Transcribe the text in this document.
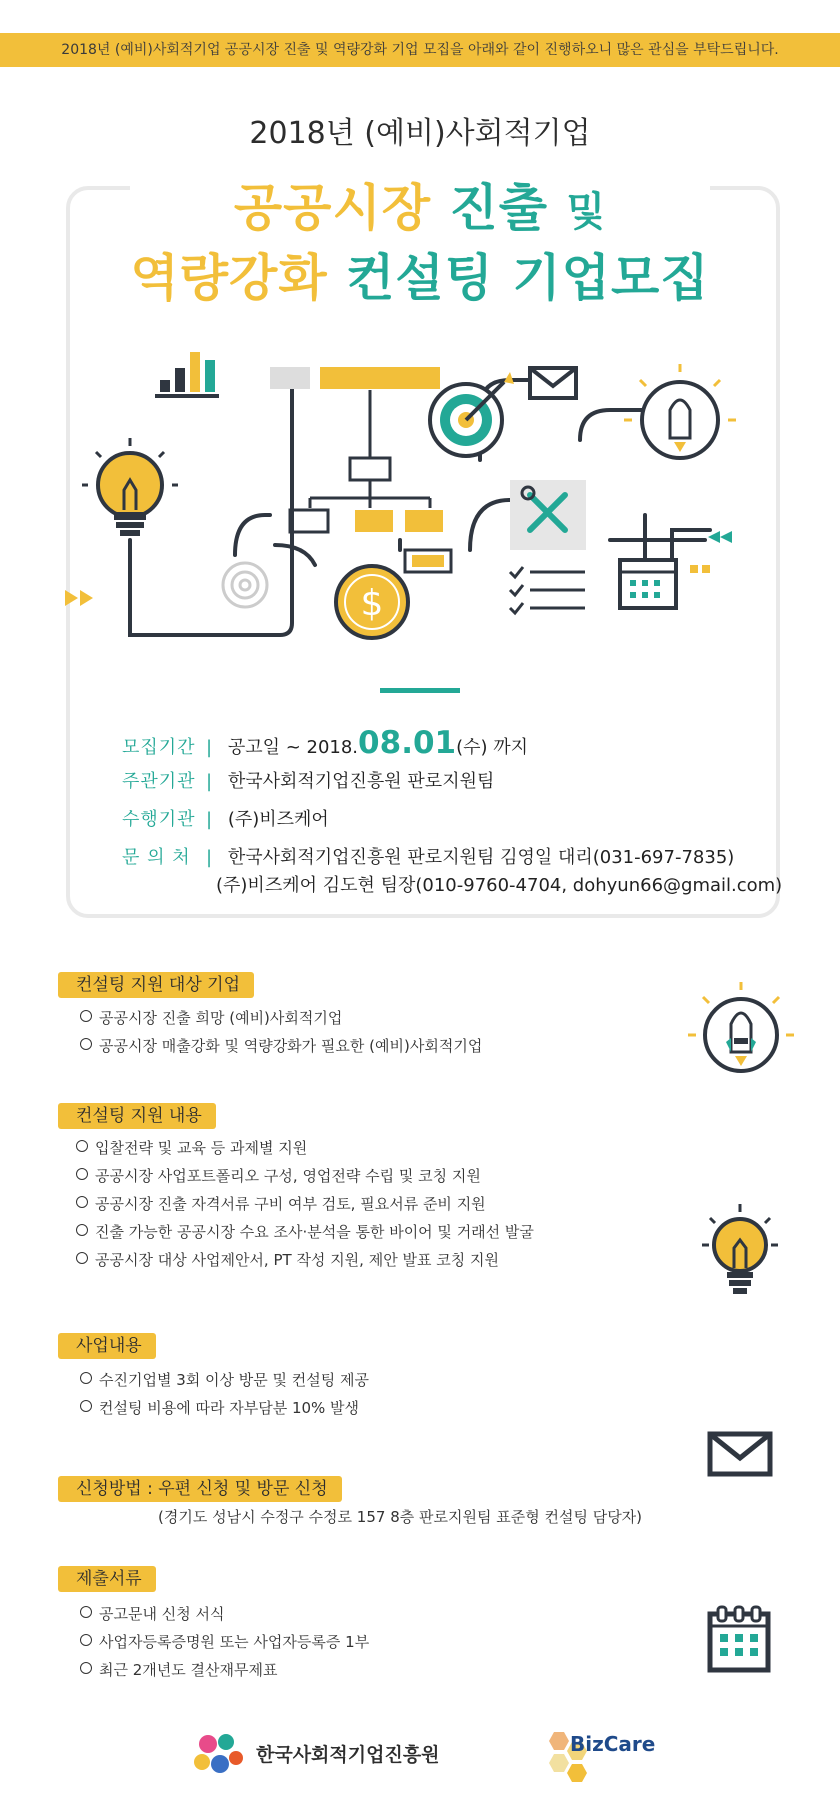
2018년 (예비)사회적기업 공공시장 진출 및 역량강화 기업 모집을 아래와 같이 진행하오니 많은 관심을 부탁드립니다.
2018년 (예비)사회적기업
공공시장 진출 및
역량강화 컨설팅 기업모집
$
모집기간 | 공고일 ~ 2018.08.01(수) 까지
주관기관 | 한국사회적기업진흥원 판로지원팀
수행기관 | (주)비즈케어
문 의 처 | 한국사회적기업진흥원 판로지원팀 김영일 대리(031-697-7835)
(주)비즈케어 김도현 팀장(010-9760-4704, dohyun66@gmail.com)
컨설팅 지원 대상 기업
공공시장 진출 희망 (예비)사회적기업
공공시장 매출강화 및 역량강화가 필요한 (예비)사회적기업
컨설팅 지원 내용
입찰전략 및 교육 등 과제별 지원
공공시장 사업포트폴리오 구성, 영업전략 수립 및 코칭 지원
공공시장 진출 자격서류 구비 여부 검토, 필요서류 준비 지원
진출 가능한 공공시장 수요 조사·분석을 통한 바이어 및 거래선 발굴
공공시장 대상 사업제안서, PT 작성 지원, 제안 발표 코칭 지원
사업내용
수진기업별 3회 이상 방문 및 컨설팅 제공
컨설팅 비용에 따라 자부담분 10% 발생
신청방법 : 우편 신청 및 방문 신청
(경기도 성남시 수정구 수정로 157 8층 판로지원팀 표준형 컨설팅 담당자)
제출서류
공고문내 신청 서식
사업자등록증명원 또는 사업자등록증 1부
최근 2개년도 결산재무제표
한국사회적기업진흥원	BizCare
